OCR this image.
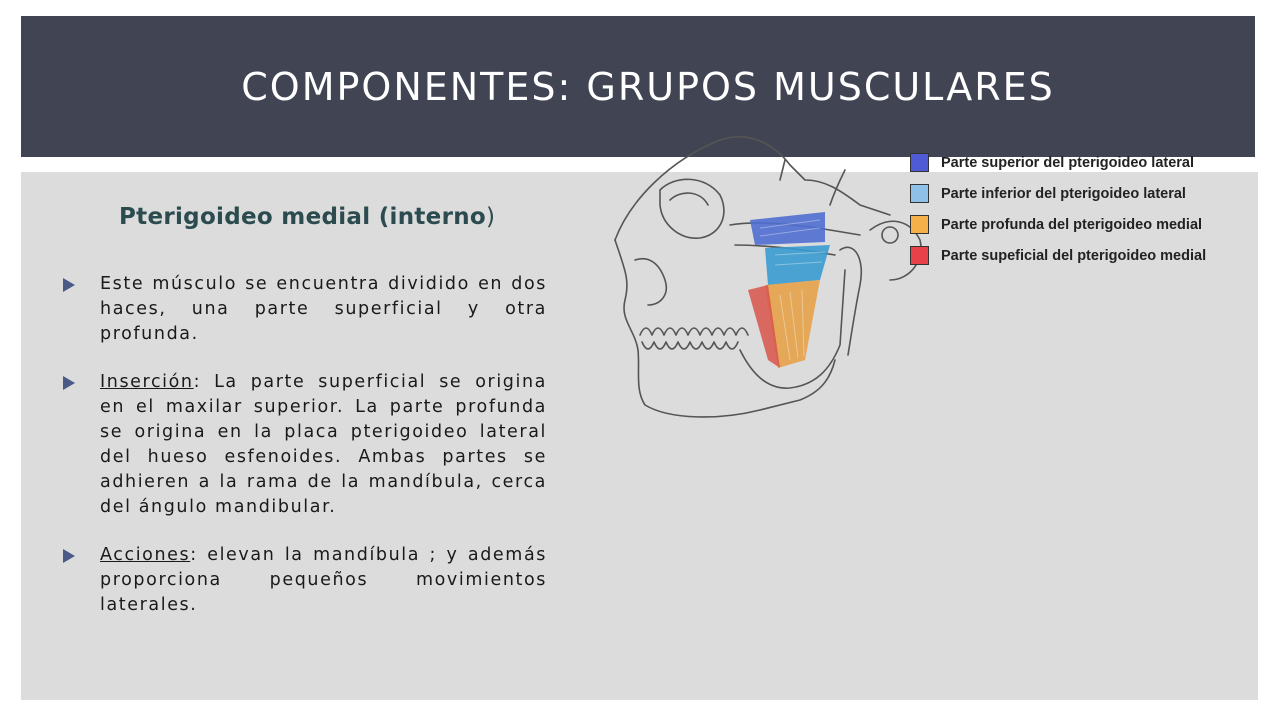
COMPONENTES: GRUPOS MUSCULARES
Pterigoideo medial (interno)
Este músculo se encuentra dividido en dos haces, una parte superficial y otra profunda.
Inserción: La parte superficial se origina en el maxilar superior. La parte profunda se origina en la placa pterigoideo lateral del hueso esfenoides. Ambas partes se adhieren a la rama de la mandíbula, cerca del ángulo mandibular.
Acciones: elevan la mandíbula ; y además proporciona pequeños movimientos laterales.
Parte superior del pterigoideo lateral
Parte inferior del pterigoideo lateral
Parte profunda del pterigoideo medial
Parte supeficial del pterigoideo medial
